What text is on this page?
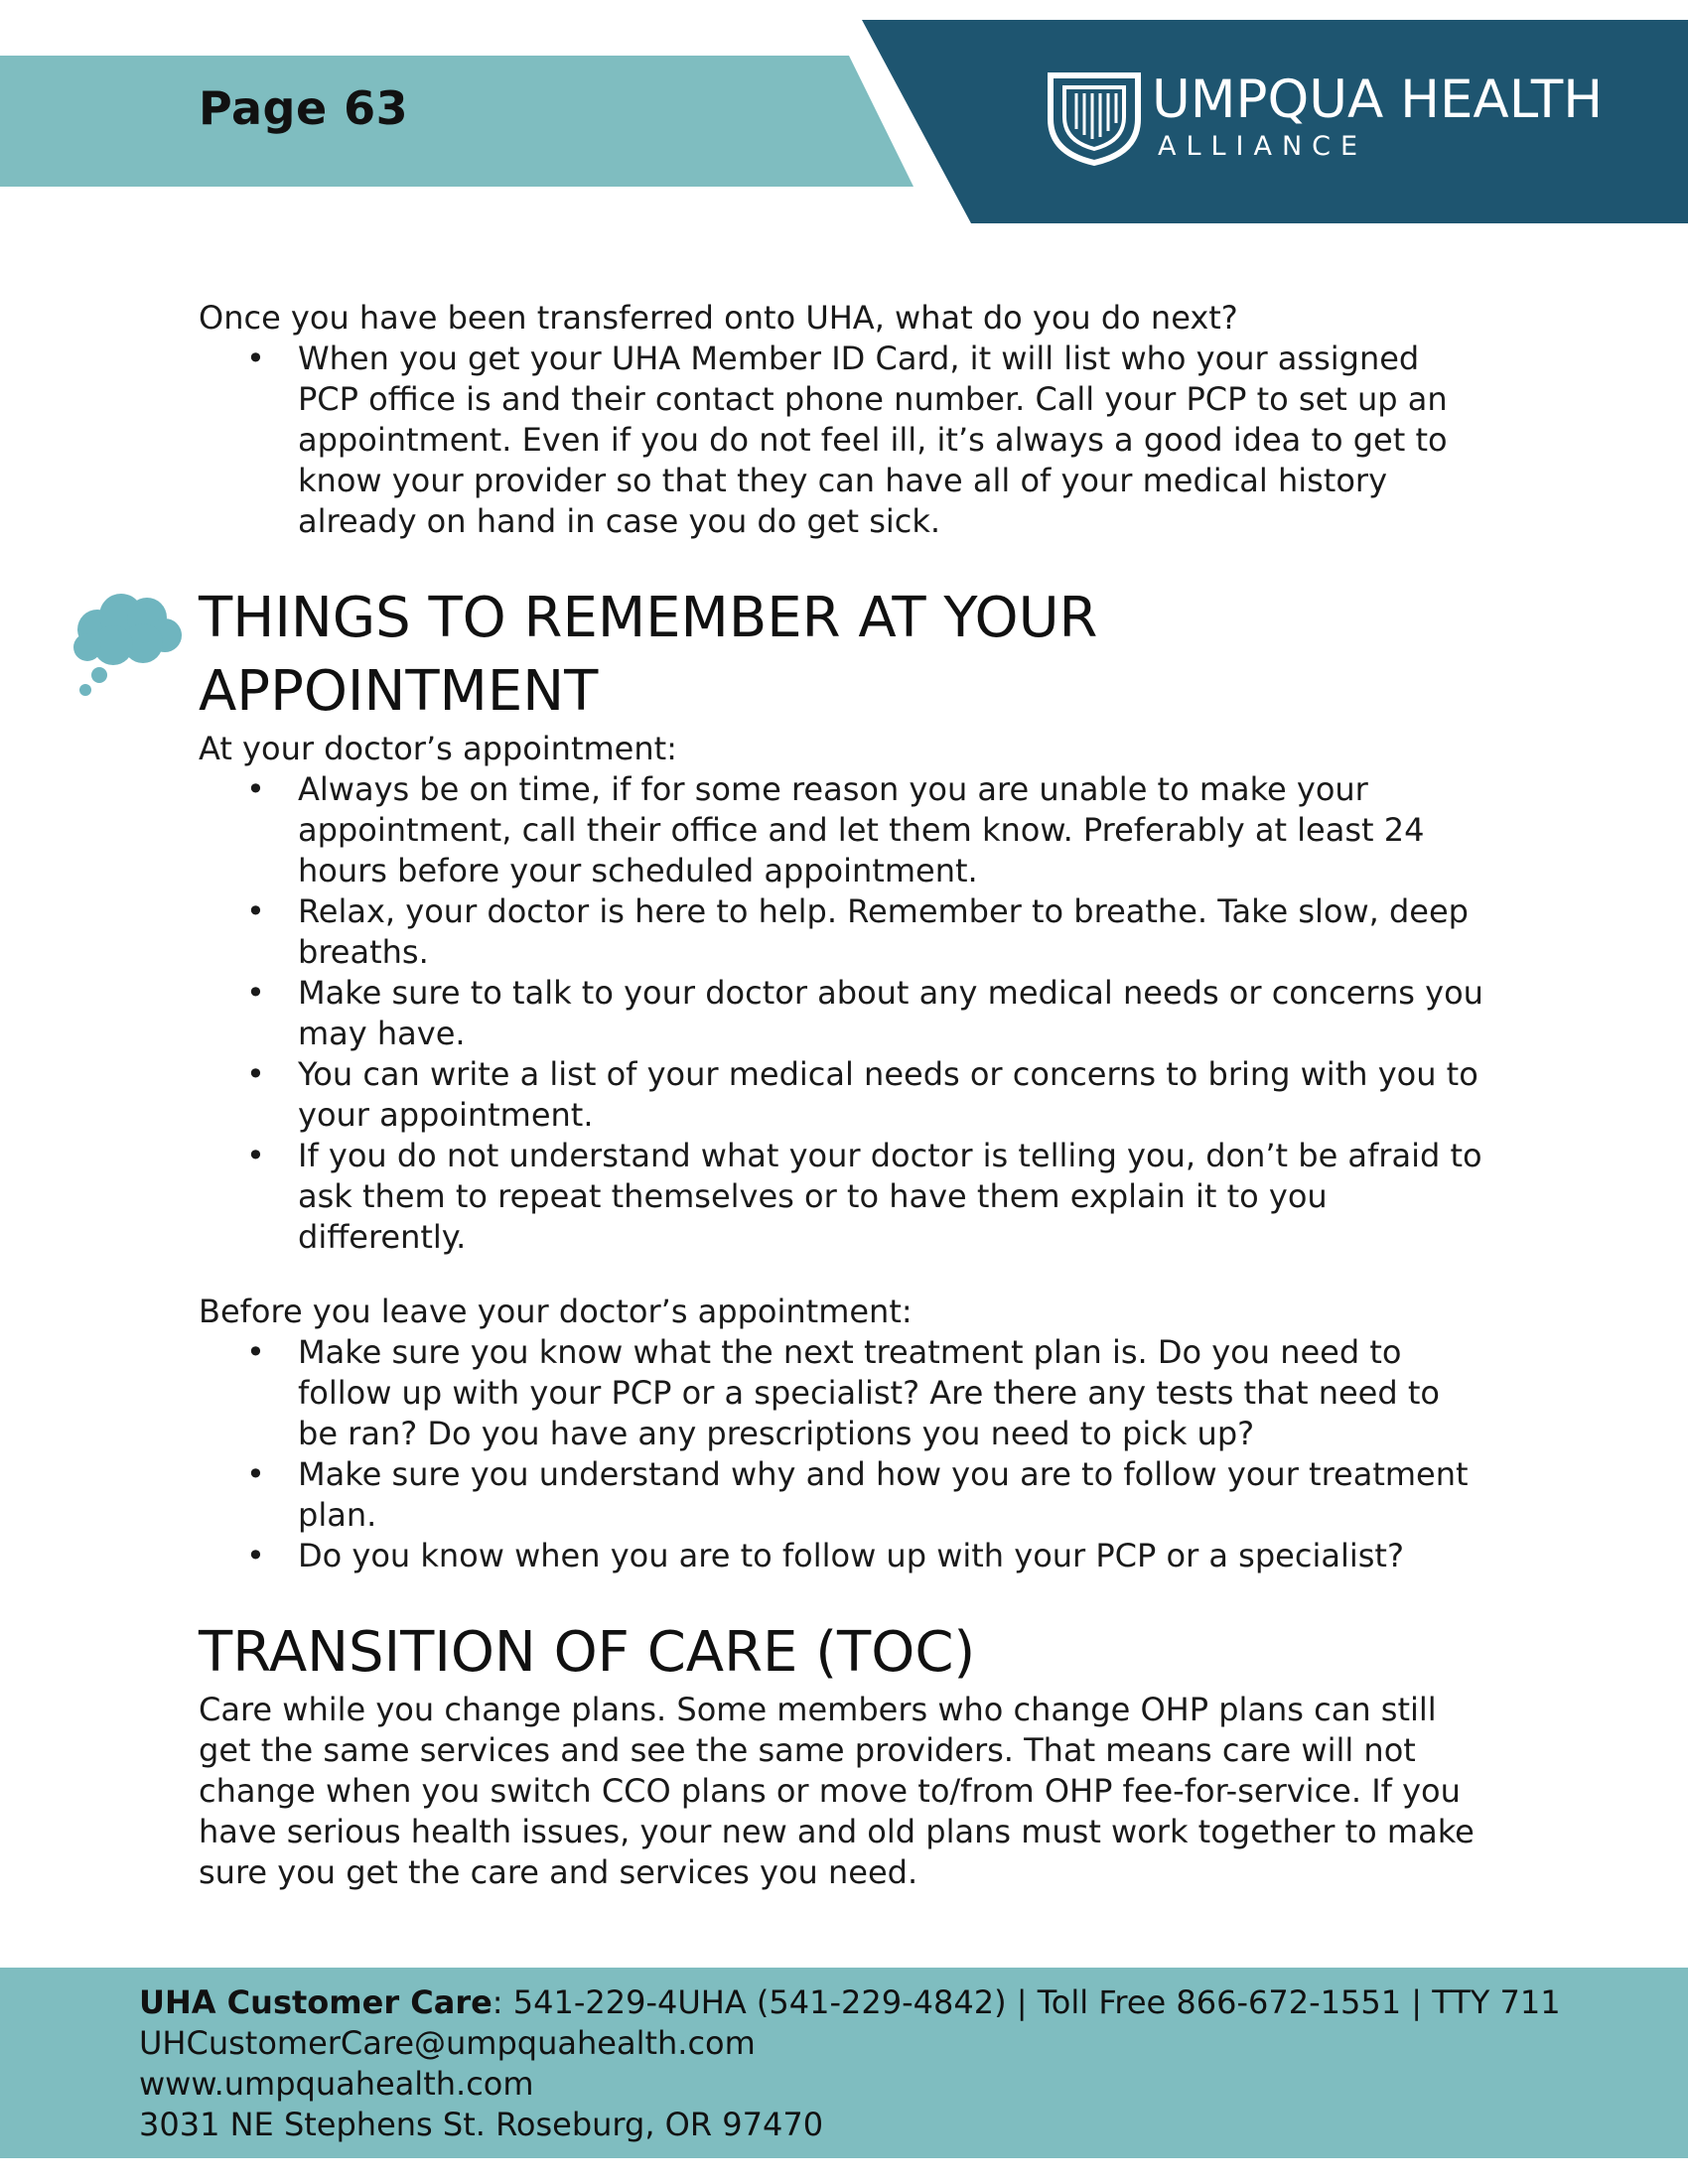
Page 63	UMPQUA HEALTH
ALLIANCE

Once you have been transferred onto UHA, what do you do next?

• When you get your UHA Member ID Card, it will list who your assigned PCP office is and their contact phone number. Call your PCP to set up an appointment. Even if you do not feel ill, it’s always a good idea to get to know your provider so that they can have all of your medical history already on hand in case you do get sick.
THINGS TO REMEMBER AT YOUR APPOINTMENT

At your doctor’s appointment:

• Always be on time, if for some reason you are unable to make your appointment, call their office and let them know. Preferably at least 24 hours before your scheduled appointment.
• Relax, your doctor is here to help. Remember to breathe. Take slow, deep breaths.
• Make sure to talk to your doctor about any medical needs or concerns you may have.
• You can write a list of your medical needs or concerns to bring with you to your appointment.
• If you do not understand what your doctor is telling you, don’t be afraid to ask them to repeat themselves or to have them explain it to you differently.

Before you leave your doctor’s appointment:

• Make sure you know what the next treatment plan is. Do you need to follow up with your PCP or a specialist? Are there any tests that need to be ran? Do you have any prescriptions you need to pick up?
• Make sure you understand why and how you are to follow your treatment plan.
• Do you know when you are to follow up with your PCP or a specialist?
TRANSITION OF CARE (TOC)

Care while you change plans. Some members who change OHP plans can still get the same services and see the same providers. That means care will not change when you switch CCO plans or move to/from OHP fee-for-service. If you have serious health issues, your new and old plans must work together to make sure you get the care and services you need.

UHA Customer Care: 541-229-4UHA (541-229-4842) | Toll Free 866-672-1551 | TTY 711
UHCustomerCare@umpquahealth.com
www.umpquahealth.com
3031 NE Stephens St. Roseburg, OR 97470
